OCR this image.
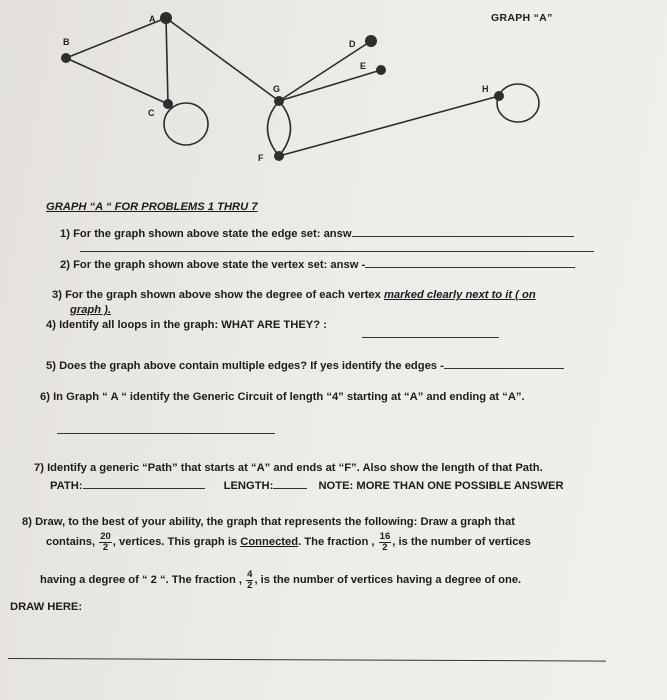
A
B
C
D
E
F
G	H
GRAPH “A”
GRAPH “A “ FOR PROBLEMS 1 THRU 7
1) For the graph shown above state the edge set: answ
2) For the graph shown above state the vertex set: answ -
3) For the graph shown above show the degree of each vertex marked clearly next to it ( on
graph ).
4) Identify all loops in the graph: WHAT ARE THEY? :
5) Does the graph above contain multiple edges? If yes identify the edges -
6) In Graph “ A “ identify the Generic Circuit of length “4” starting at “A” and ending at “A”.
7) Identify a generic “Path” that starts at “A” and ends at “F”. Also show the length of that Path.
PATH:	LENGTH:	NOTE: MORE THAN ONE POSSIBLE ANSWER
8) Draw, to the best of your ability, the graph that represents the following: Draw a graph that
contains, $\frac{20}{2}$ , vertices. This graph is Connected. The fraction , $\frac{16}{2}$ , is the number of vertices
having a degree of “ 2 “. The fraction , $\frac{4}{2}$ , is the number of vertices having a degree of one.
DRAW HERE:
